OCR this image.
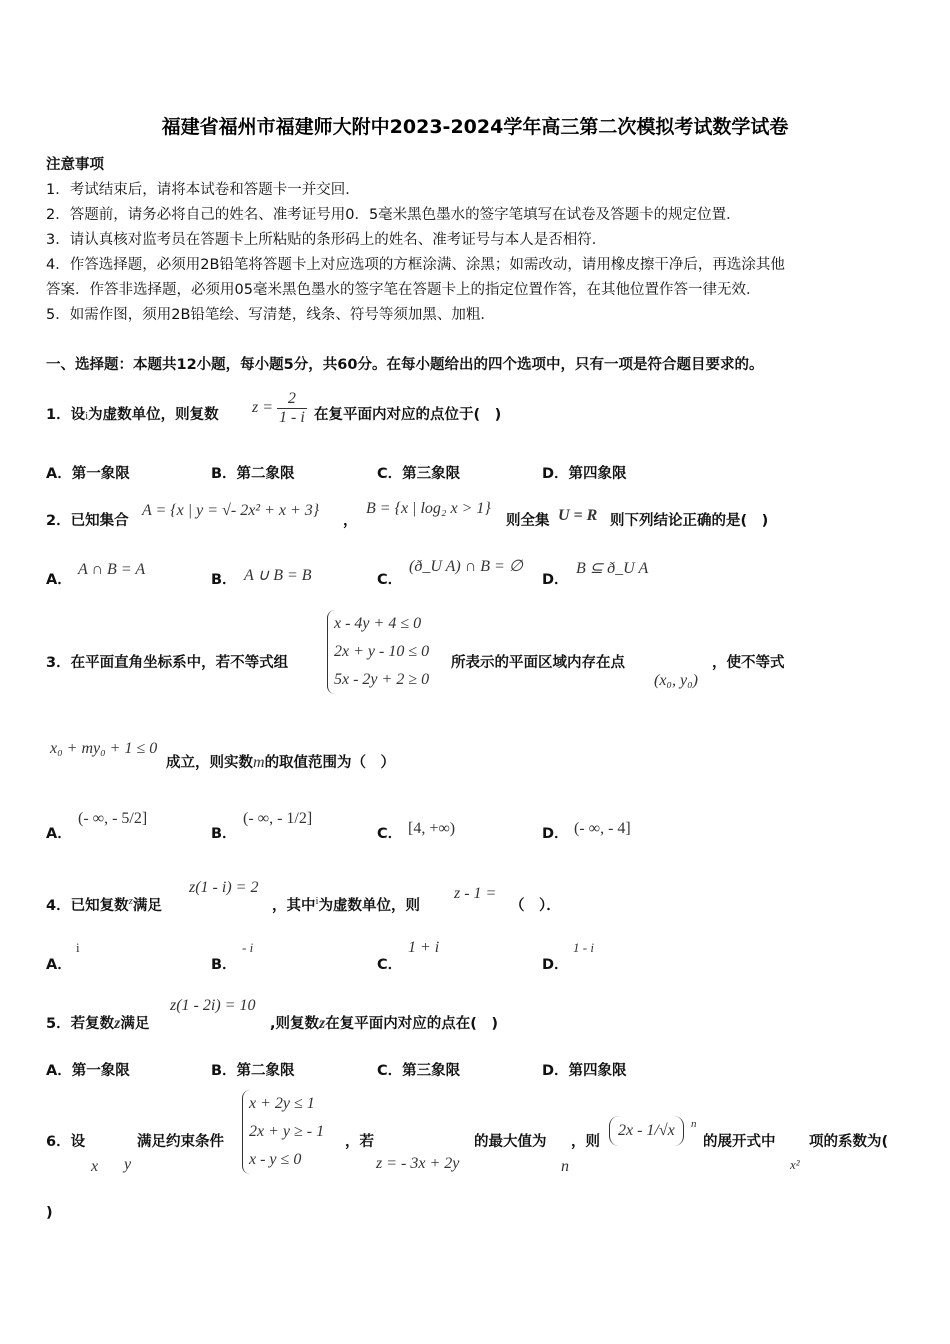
福建省福州市福建师大附中2023-2024学年高三第二次模拟考试数学试卷
注意事项
1．考试结束后，请将本试卷和答题卡一并交回．
2．答题前，请务必将自己的姓名、准考证号用0．5毫米黑色墨水的签字笔填写在试卷及答题卡的规定位置．
3．请认真核对监考员在答题卡上所粘贴的条形码上的姓名、准考证号与本人是否相符．
4．作答选择题，必须用2B铅笔将答题卡上对应选项的方框涂满、涂黑；如需改动，请用橡皮擦干净后，再选涂其他
答案．作答非选择题，必须用05毫米黑色墨水的签字笔在答题卡上的指定位置作答，在其他位置作答一律无效．
5．如需作图，须用2B铅笔绘、写清楚，线条、符号等须加黑、加粗．
一、选择题：本题共12小题，每小题5分，共60分。在每小题给出的四个选项中，只有一项是符合题目要求的。
1．设i为虚数单位，则复数 $z = \frac{2}{1 - i}$ 在复平面内对应的点位于(　)
A．第一象限	B．第二象限	C．第三象限	D．第四象限
2．已知集合
A = {x | y = √- 2x² + x + 3}
，
B = {x | log₂ x > 1}
则全集 U = R 则下列结论正确的是(　)
A．
A ∩ B = A
B． A ∪ B = B	C．
(ð_U A) ∩ B = ∅
D．
B ⊆ ð_U A
3．在平面直角坐标系中，若不等式组
x - 4y + 4 ≤ 0
2x + y - 10 ≤ 0
5x - 2y + 2 ≥ 0
所表示的平面区域内存在点
(x₀, y₀)
，使不等式
x₀ + my₀ + 1 ≤ 0
成立，则实数m的取值范围为（　）
A．
(- ∞, - 5/2]
B．
(- ∞, - 1/2]
C． [4, +∞)	D． (- ∞, - 4]
4．已知复数$^z$满足
z(1 - i) = 2
，其中$^i$为虚数单位，则
z - 1 =
（　）．
A．
i
B．
- i
C．
1 + i
D．
1 - i
5．若复数z满足
z(1 - 2i) = 10
,则复数z在复平面内对应的点在(　)
A．第一象限	B．第二象限	C．第三象限	D．第四象限
6．设
x y
满足约束条件
x + 2y ≤ 1
2x + y ≥ - 1
x - y ≤ 0
，若
z = - 3x + 2y
的最大值为
n
，则
2x - 1/√x	n
的展开式中
x²
项的系数为(
)
